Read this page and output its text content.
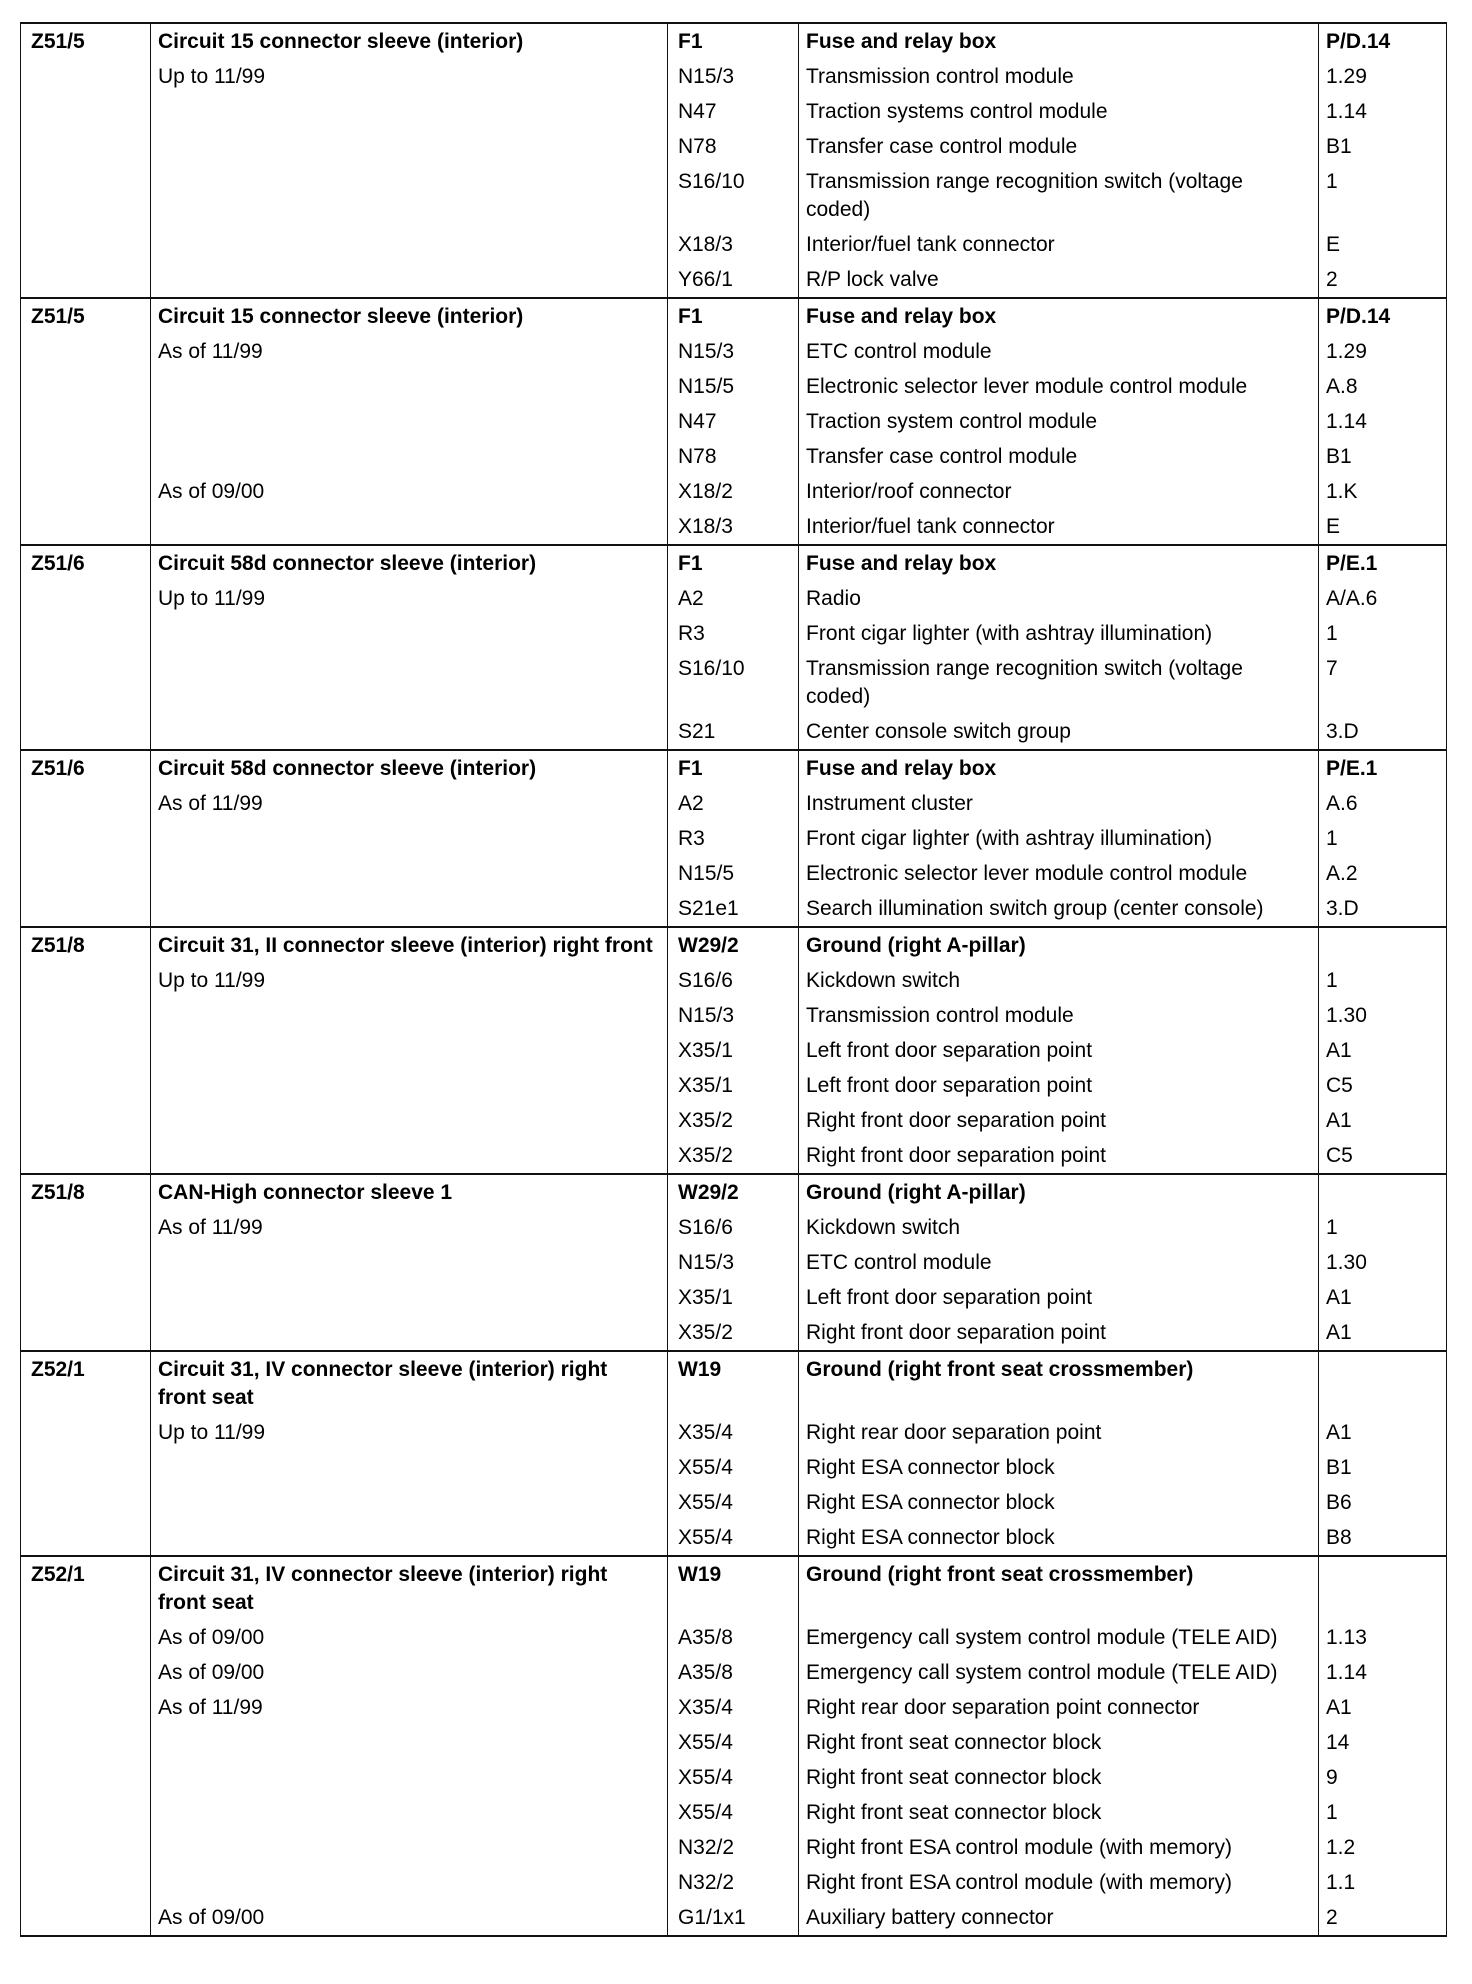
Z51/5	Circuit 15 connector sleeve (interior)	F1	Fuse and relay box	P/D.14
	Up to 11/99	N15/3	Transmission control module	1.29
		N47	Traction systems control module	1.14
		N78	Transfer case control module	B1
		S16/10	Transmission range recognition switch (voltage coded)	1
		X18/3	Interior/fuel tank connector	E
		Y66/1	R/P lock valve	2
Z51/5	Circuit 15 connector sleeve (interior)	F1	Fuse and relay box	P/D.14
	As of 11/99	N15/3	ETC control module	1.29
		N15/5	Electronic selector lever module control module	A.8
		N47	Traction system control module	1.14
		N78	Transfer case control module	B1
	As of 09/00	X18/2	Interior/roof connector	1.K
		X18/3	Interior/fuel tank connector	E
Z51/6	Circuit 58d connector sleeve (interior)	F1	Fuse and relay box	P/E.1
	Up to 11/99	A2	Radio	A/A.6
		R3	Front cigar lighter (with ashtray illumination)	1
		S16/10	Transmission range recognition switch (voltage coded)	7
		S21	Center console switch group	3.D
Z51/6	Circuit 58d connector sleeve (interior)	F1	Fuse and relay box	P/E.1
	As of 11/99	A2	Instrument cluster	A.6
		R3	Front cigar lighter (with ashtray illumination)	1
		N15/5	Electronic selector lever module control module	A.2
		S21e1	Search illumination switch group (center console)	3.D
Z51/8	Circuit 31, II connector sleeve (interior) right front	W29/2	Ground (right A-pillar)	
	Up to 11/99	S16/6	Kickdown switch	1
		N15/3	Transmission control module	1.30
		X35/1	Left front door separation point	A1
		X35/1	Left front door separation point	C5
		X35/2	Right front door separation point	A1
		X35/2	Right front door separation point	C5
Z51/8	CAN-High connector sleeve 1	W29/2	Ground (right A-pillar)	
	As of 11/99	S16/6	Kickdown switch	1
		N15/3	ETC control module	1.30
		X35/1	Left front door separation point	A1
		X35/2	Right front door separation point	A1
Z52/1	Circuit 31, IV connector sleeve (interior) right front seat	W19	Ground (right front seat crossmember)	
	Up to 11/99	X35/4	Right rear door separation point	A1
		X55/4	Right ESA connector block	B1
		X55/4	Right ESA connector block	B6
		X55/4	Right ESA connector block	B8
Z52/1	Circuit 31, IV connector sleeve (interior) right front seat	W19	Ground (right front seat crossmember)	
	As of 09/00	A35/8	Emergency call system control module (TELE AID)	1.13
	As of 09/00	A35/8	Emergency call system control module (TELE AID)	1.14
	As of 11/99	X35/4	Right rear door separation point connector	A1
		X55/4	Right front seat connector block	14
		X55/4	Right front seat connector block	9
		X55/4	Right front seat connector block	1
		N32/2	Right front ESA control module (with memory)	1.2
		N32/2	Right front ESA control module (with memory)	1.1
	As of 09/00	G1/1x1	Auxiliary battery connector	2
